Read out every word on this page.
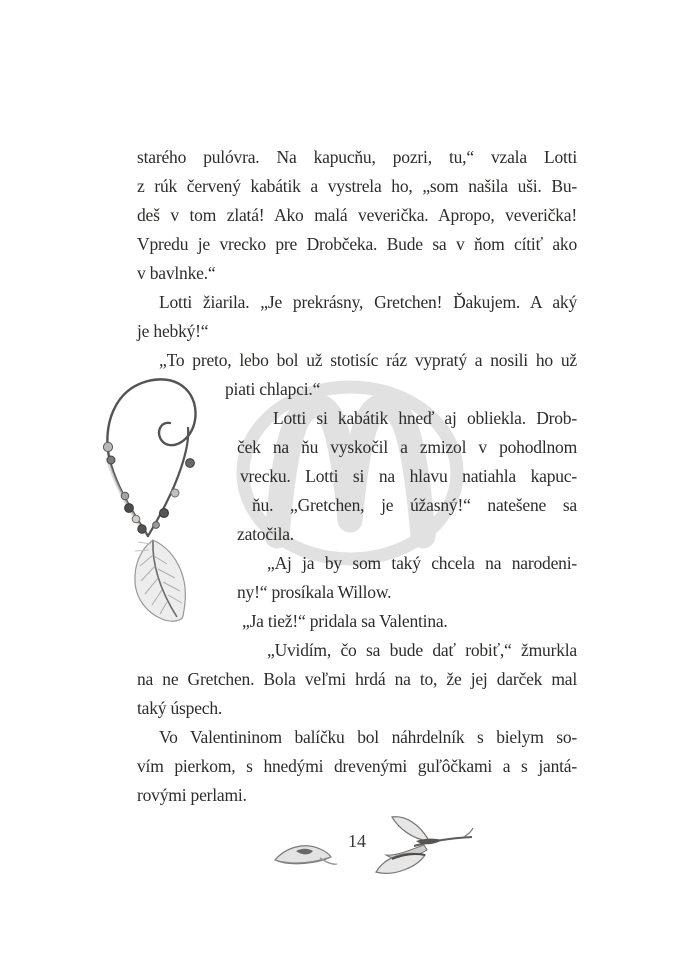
starého pulóvra. Na kapucňu, pozri, tu,“ vzala Lotti
z rúk červený kabátik a vystrela ho, „som našila uši. Bu-
deš v tom zlatá! Ako malá veverička. Apropo, veverička!
Vpredu je vrecko pre Drobčeka. Bude sa v ňom cítiť ako
v bavlnke.“
Lotti žiarila. „Je prekrásny, Gretchen! Ďakujem. A aký
je hebký!“
„To preto, lebo bol už stotisíc ráz vypratý a nosili ho už
piati chlapci.“
Lotti si kabátik hneď aj obliekla. Drob-
ček na ňu vyskočil a zmizol v pohodlnom
vrecku. Lotti si na hlavu natiahla kapuc-
ňu. „Gretchen, je úžasný!“ natešene sa
zatočila.
„Aj ja by som taký chcela na narodeni-
ny!“ prosíkala Willow.
„Ja tiež!“ pridala sa Valentina.
„Uvidím, čo sa bude dať robiť,“ žmurkla
na ne Gretchen. Bola veľmi hrdá na to, že jej darček mal
taký úspech.
Vo Valentininom balíčku bol náhrdelník s bielym so-
vím pierkom, s hnedými drevenými guľôčkami a s jantá-
rovými perlami.
14
